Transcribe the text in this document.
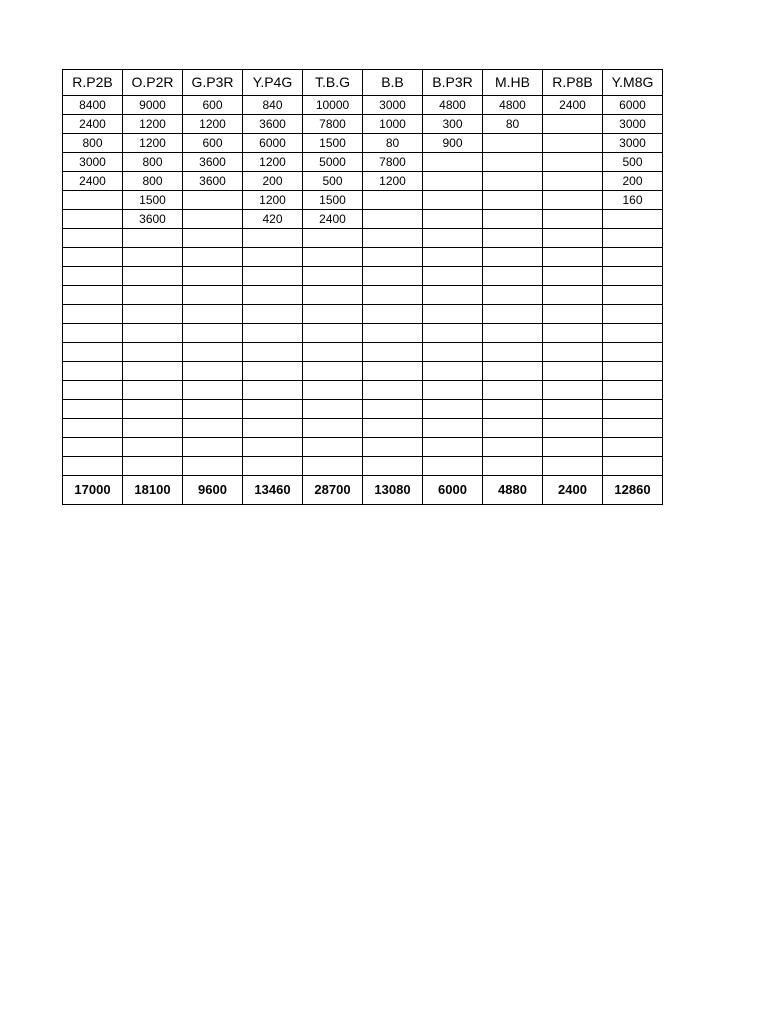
R.P2B	O.P2R	G.P3R	Y.P4G	T.B.G	B.B	B.P3R	M.HB	R.P8B	Y.M8G
8400	9000	600	840	10000	3000	4800	4800	2400	6000
2400	1200	1200	3600	7800	1000	300	80		3000
800	1200	600	6000	1500	80	900			3000
3000	800	3600	1200	5000	7800				500
2400	800	3600	200	500	1200				200
	1500		1200	1500					160
	3600		420	2400					

17000	18100	9600	13460	28700	13080	6000	4880	2400	12860
